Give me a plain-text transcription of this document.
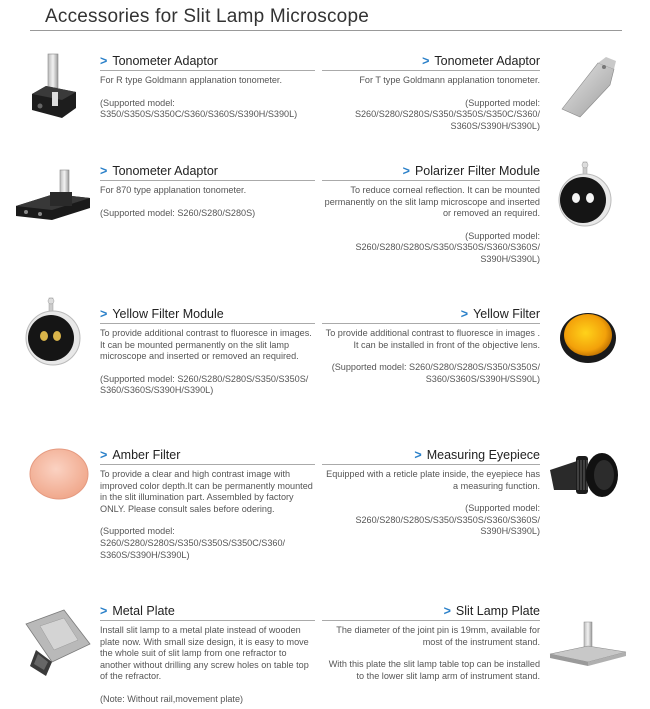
Accessories for Slit Lamp Microscope
> Tonometer Adaptor
For R type Goldmann applanation tonometer.
(Supported model: S350/S350S/S350C/S360/S360S/S390H/S390L)
> Tonometer Adaptor
For T type Goldmann applanation tonometer.
(Supported model: S260/S280/S280S/S350/S350S/S350C/S360/ S360S/S390H/S390L)
> Tonometer Adaptor
For 870 type applanation tonometer.
(Supported model: S260/S280/S280S)
> Polarizer Filter Module
To reduce corneal reflection. It can be mounted permanently on the slit lamp microscope and inserted or removed an required.
(Supported model: S260/S280/S280S/S350/S350S/S360/S360S/ S390H/S390L)
> Yellow Filter Module
To provide additional contrast to fluoresce in images. It can be mounted permanently on the slit lamp microscope and inserted or removed an required.
(Supported model: S260/S280/S280S/S350/S350S/ S360/S360S/S390H/S390L)
> Yellow Filter
To provide additional contrast to fluoresce in images . It can be installed in front of the objective lens.
(Supported model: S260/S280/S280S/S350/S350S/ S360/S360S/S390H/SS90L)
> Amber Filter
To provide a clear and high contrast image with improved color depth.It can be permanently mounted in the slit illumination part. Assembled by factory ONLY. Please consult sales before odering.
(Supported model: S260/S280/S280S/S350/S350S/S350C/S360/ S360S/S390H/S390L)
> Measuring Eyepiece
Equipped with a reticle plate inside, the eyepiece has a measuring function.
(Supported model: S260/S280/S280S/S350/S350S/S360/S360S/ S390H/S390L)
> Metal Plate
Install slit lamp to a metal plate instead of wooden plate now. With small size design, it is easy to move the whole suit of slit lamp from one refractor to another without drilling any screw holes on table top of the refractor.
(Note: Without rail,movement plate)
> Slit Lamp Plate
The diameter of the joint pin is 19mm, available for most of the instrument stand.
With this plate the slit lamp table top can be installed to the lower slit lamp arm of instrument stand.
